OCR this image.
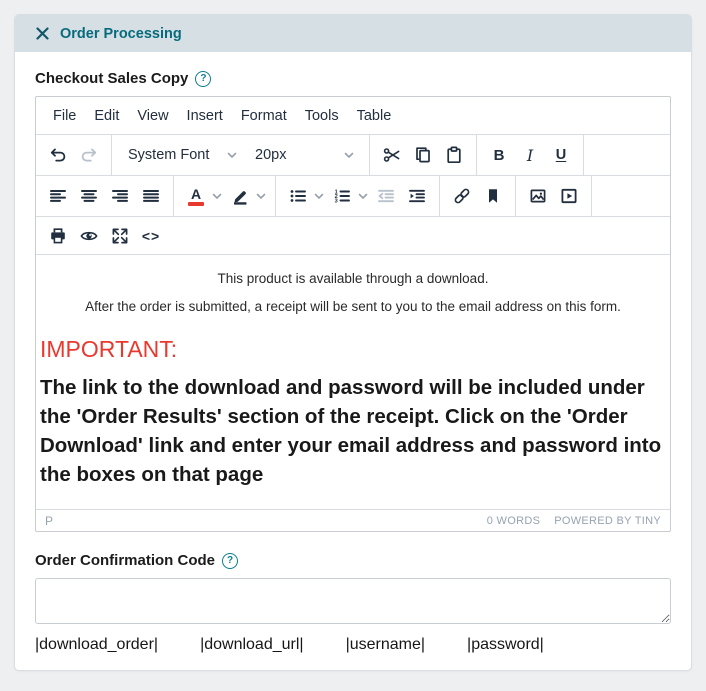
Order Processing
Checkout Sales Copy	?
File	Edit	View	Insert	Format	Tools	Table
System Font	20px	B	I	U
A	1
2
3
<>

This product is available through a download.

After the order is submitted, a receipt will be sent to you to the email address on this form.

IMPORTANT:

The link to the download and password will be included under the 'Order Results' section of the receipt. Click on the 'Order Download' link and enter your email address and password into the boxes on that page

P	0 WORDS POWERED BY TINY
Order Confirmation Code	?
|download_order|	|download_url|	|username|	|password|
